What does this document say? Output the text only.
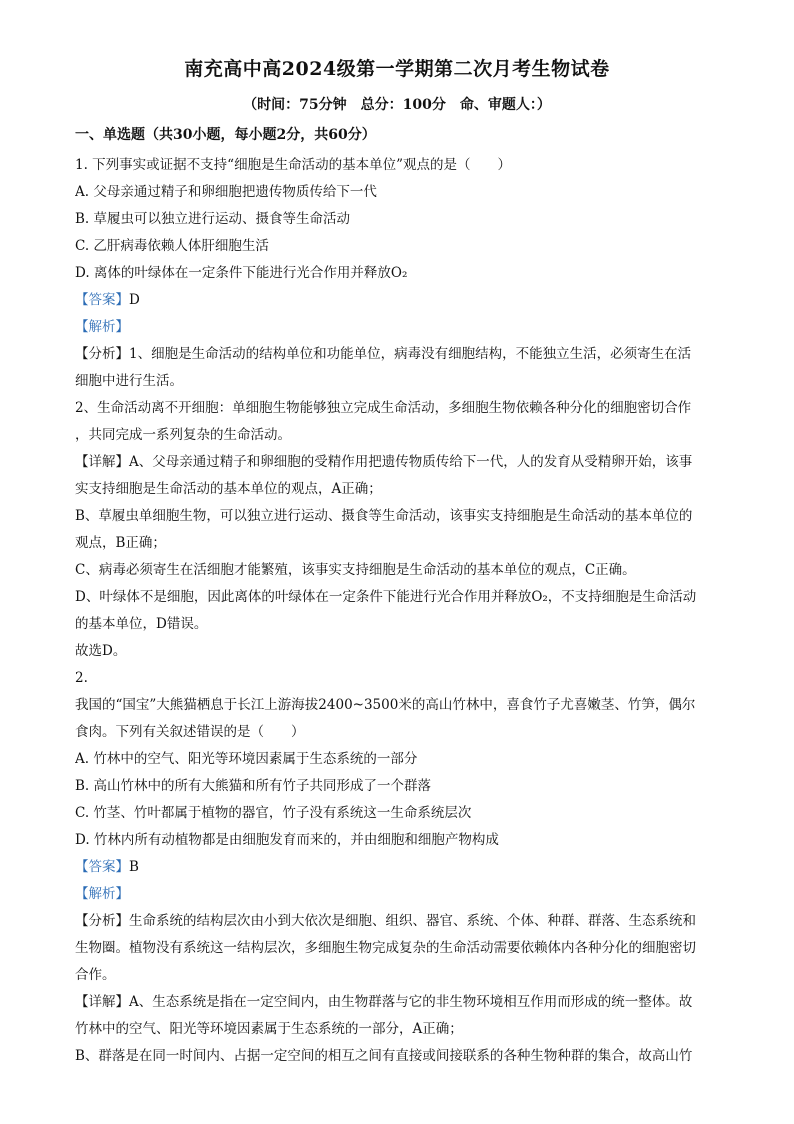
南充高中高2024级第一学期第二次月考生物试卷
（时间：75分钟　总分：100分　命、审题人：）
一、单选题（共30小题，每小题2分，共60分）
1. 下列事实或证据不支持“细胞是生命活动的基本单位”观点的是（　　）
A. 父母亲通过精子和卵细胞把遗传物质传给下一代
B. 草履虫可以独立进行运动、摄食等生命活动
C. 乙肝病毒依赖人体肝细胞生活
D. 离体的叶绿体在一定条件下能进行光合作用并释放O₂
【答案】D
【解析】
【分析】1、细胞是生命活动的结构单位和功能单位，病毒没有细胞结构，不能独立生活，必须寄生在活
细胞中进行生活。
2、生命活动离不开细胞：单细胞生物能够独立完成生命活动，多细胞生物依赖各种分化的细胞密切合作
，共同完成一系列复杂的生命活动。
【详解】A、父母亲通过精子和卵细胞的受精作用把遗传物质传给下一代，人的发育从受精卵开始，该事
实支持细胞是生命活动的基本单位的观点，A正确；
B、草履虫单细胞生物，可以独立进行运动、摄食等生命活动，该事实支持细胞是生命活动的基本单位的
观点，B正确；
C、病毒必须寄生在活细胞才能繁殖，该事实支持细胞是生命活动的基本单位的观点，C正确。
D、叶绿体不是细胞，因此离体的叶绿体在一定条件下能进行光合作用并释放O₂，不支持细胞是生命活动
的基本单位，D错误。
故选D。
2.
我国的“国宝”大熊猫栖息于长江上游海拔2400~3500米的高山竹林中，喜食竹子尤喜嫩茎、竹笋，偶尔
食肉。下列有关叙述错误的是（　　）
A. 竹林中的空气、阳光等环境因素属于生态系统的一部分
B. 高山竹林中的所有大熊猫和所有竹子共同形成了一个群落
C. 竹茎、竹叶都属于植物的器官，竹子没有系统这一生命系统层次
D. 竹林内所有动植物都是由细胞发育而来的，并由细胞和细胞产物构成
【答案】B
【解析】
【分析】生命系统的结构层次由小到大依次是细胞、组织、器官、系统、个体、种群、群落、生态系统和
生物圈。植物没有系统这一结构层次，多细胞生物完成复杂的生命活动需要依赖体内各种分化的细胞密切
合作。
【详解】A、生态系统是指在一定空间内，由生物群落与它的非生物环境相互作用而形成的统一整体。故
竹林中的空气、阳光等环境因素属于生态系统的一部分，A正确；
B、群落是在同一时间内、占据一定空间的相互之间有直接或间接联系的各种生物种群的集合，故高山竹
